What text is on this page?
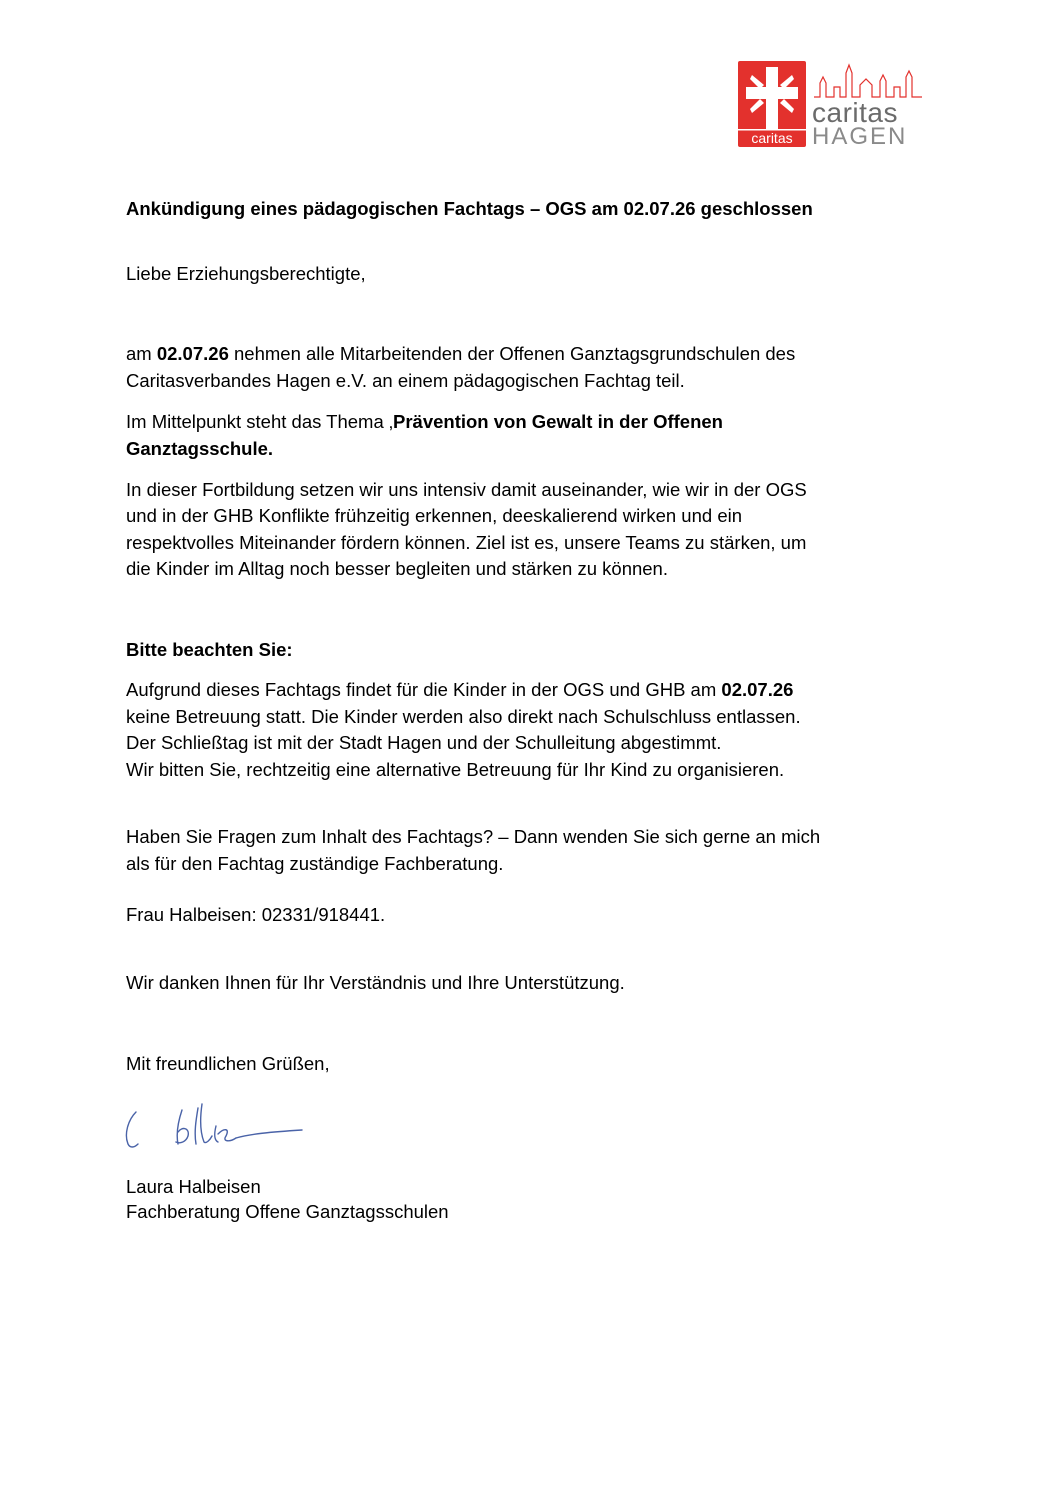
caritas
caritas
HAGEN
Ankündigung eines pädagogischen Fachtags – OGS am 02.07.26 geschlossen
Liebe Erziehungsberechtigte,
am 02.07.26 nehmen alle Mitarbeitenden der Offenen Ganztagsgrundschulen des
Caritasverbandes Hagen e.V. an einem pädagogischen Fachtag teil.
Im Mittelpunkt steht das Thema ‚Prävention von Gewalt in der Offenen
Ganztagsschule.
In dieser Fortbildung setzen wir uns intensiv damit auseinander, wie wir in der OGS
und in der GHB Konflikte frühzeitig erkennen, deeskalierend wirken und ein
respektvolles Miteinander fördern können. Ziel ist es, unsere Teams zu stärken, um
die Kinder im Alltag noch besser begleiten und stärken zu können.
Bitte beachten Sie:
Aufgrund dieses Fachtags findet für die Kinder in der OGS und GHB am 02.07.26
keine Betreuung statt. Die Kinder werden also direkt nach Schulschluss entlassen.
Der Schließtag ist mit der Stadt Hagen und der Schulleitung abgestimmt.
Wir bitten Sie, rechtzeitig eine alternative Betreuung für Ihr Kind zu organisieren.
Haben Sie Fragen zum Inhalt des Fachtags? – Dann wenden Sie sich gerne an mich
als für den Fachtag zuständige Fachberatung.
Frau Halbeisen: 02331/918441.
Wir danken Ihnen für Ihr Verständnis und Ihre Unterstützung.
Mit freundlichen Grüßen,
Laura Halbeisen
Fachberatung Offene Ganztagsschulen
